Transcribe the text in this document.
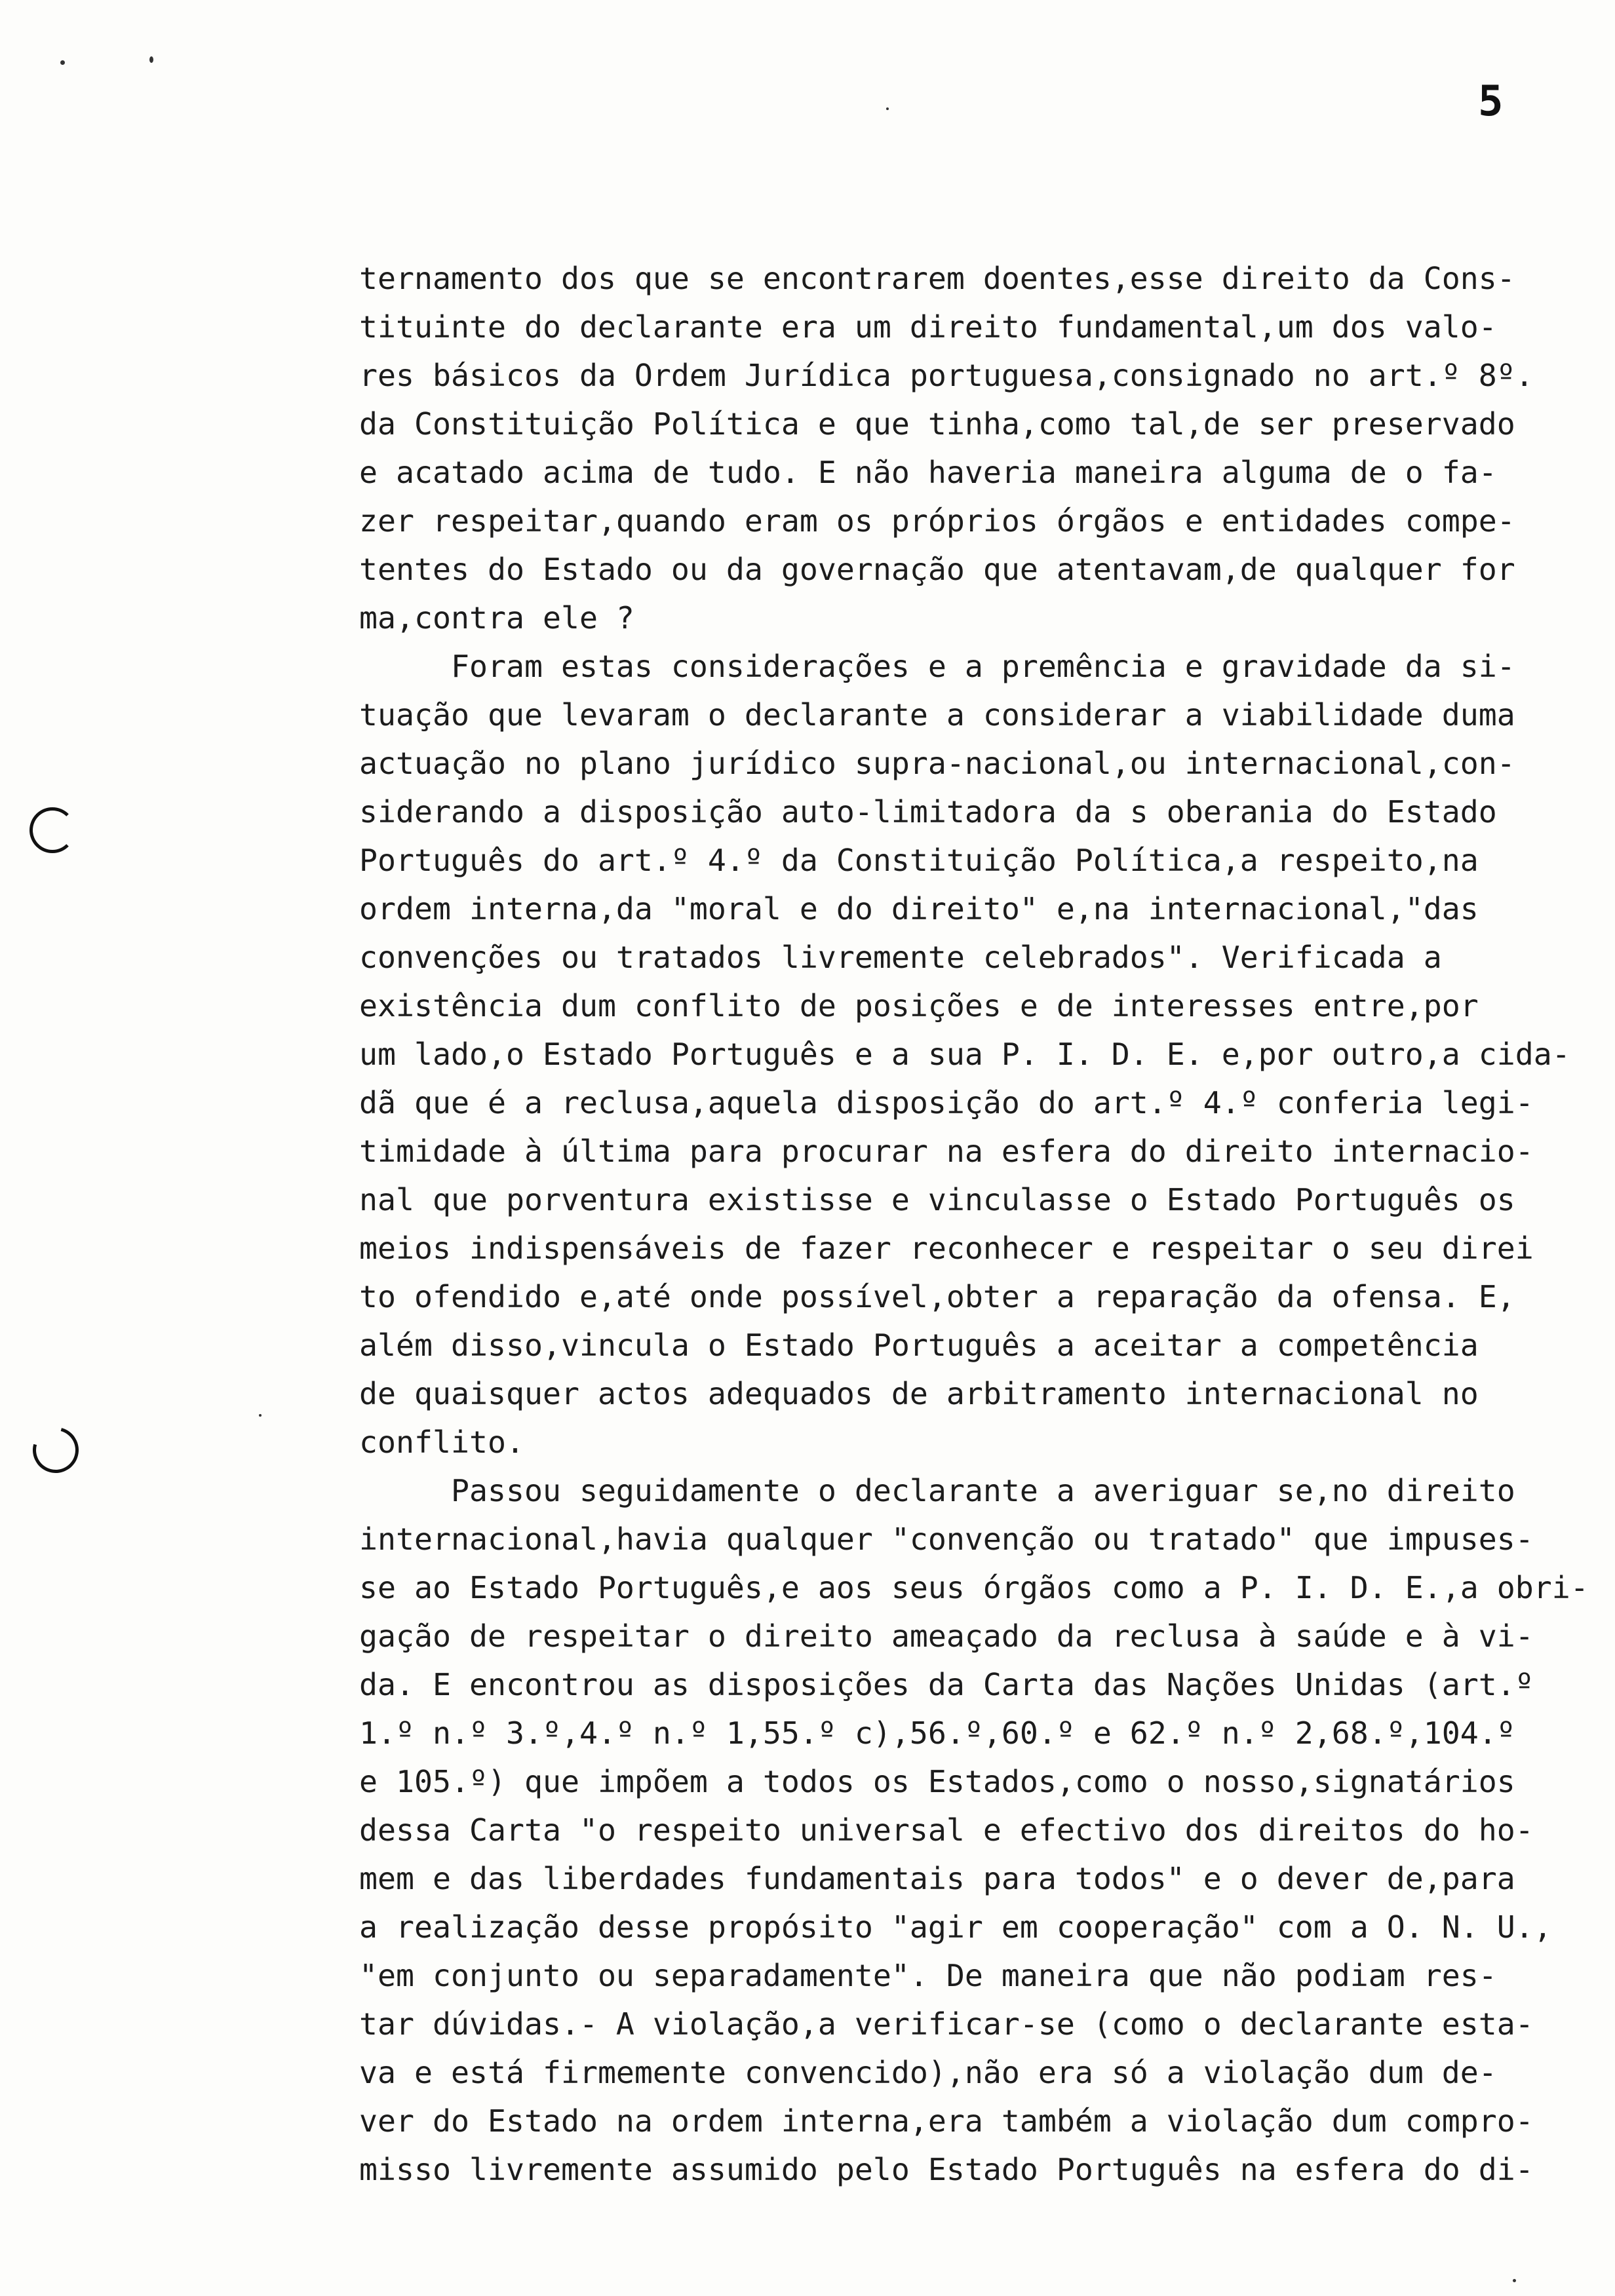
5
ternamento dos que se encontrarem doentes,esse direito da Cons-
tituinte do declarante era um direito fundamental,um dos valo-
res básicos da Ordem Jurídica portuguesa,consignado no art.º 8º.
da Constituição Política e que tinha,como tal,de ser preservado
e acatado acima de tudo. E não haveria maneira alguma de o fa-
zer respeitar,quando eram os próprios órgãos e entidades compe-
tentes do Estado ou da governação que atentavam,de qualquer for
ma,contra ele ?
Foram estas considerações e a premência e gravidade da si-
tuação que levaram o declarante a considerar a viabilidade duma
actuação no plano jurídico supra-nacional,ou internacional,con-
siderando a disposição auto-limitadora da s oberania do Estado
Português do art.º 4.º da Constituição Política,a respeito,na
ordem interna,da "moral e do direito" e,na internacional,"das
convenções ou tratados livremente celebrados". Verificada a
existência dum conflito de posições e de interesses entre,por
um lado,o Estado Português e a sua P. I. D. E. e,por outro,a cida-
dã que é a reclusa,aquela disposição do art.º 4.º conferia legi-
timidade à última para procurar na esfera do direito internacio-
nal que porventura existisse e vinculasse o Estado Português os
meios indispensáveis de fazer reconhecer e respeitar o seu direi
to ofendido e,até onde possível,obter a reparação da ofensa. E,
além disso,vincula o Estado Português a aceitar a competência
de quaisquer actos adequados de arbitramento internacional no
conflito.
Passou seguidamente o declarante a averiguar se,no direito
internacional,havia qualquer "convenção ou tratado" que impuses-
se ao Estado Português,e aos seus órgãos como a P. I. D. E.,a obri-
gação de respeitar o direito ameaçado da reclusa à saúde e à vi-
da. E encontrou as disposições da Carta das Nações Unidas (art.º
1.º n.º 3.º,4.º n.º 1,55.º c),56.º,60.º e 62.º n.º 2,68.º,104.º
e 105.º) que impõem a todos os Estados,como o nosso,signatários
dessa Carta "o respeito universal e efectivo dos direitos do ho-
mem e das liberdades fundamentais para todos" e o dever de,para
a realização desse propósito "agir em cooperação" com a O. N. U.,
"em conjunto ou separadamente". De maneira que não podiam res-
tar dúvidas.- A violação,a verificar-se (como o declarante esta-
va e está firmemente convencido),não era só a violação dum de-
ver do Estado na ordem interna,era também a violação dum compro-
misso livremente assumido pelo Estado Português na esfera do di-
